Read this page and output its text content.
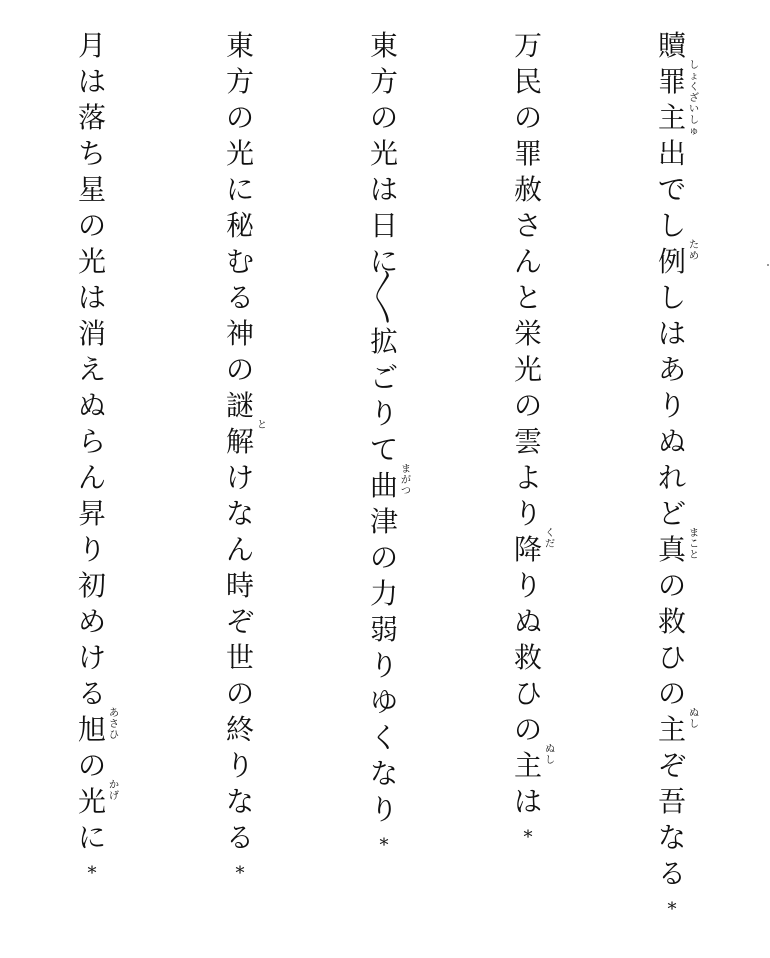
贖
罪 しょくざいしゅ
主
出
で
し
例 ため
し
は
あ
り
ぬ
れ
ど
真 まこと
の
救
ひ
の
主 ぬし
ぞ
吾
な
る
*
万
民
の
罪
赦
さ
ん
と
栄
光
の
雲
よ
り
降 くだ
り
ぬ
救
ひ
の
主 ぬし
は
*
東
方
の
光
は
日
に
〱
拡
ご
り
て
曲 まがつ
津
の
力
弱
り
ゆ
く
な
り
*
東
方
の
光
に
秘
む
る
神
の
謎
解 と
け
な
ん
時
ぞ
世
の
終
り
な
る
*
月
は
落
ち
星
の
光
は
消
え
ぬ
ら
ん
昇
り
初
め
け
る
旭 あさひ
の
光 かげ
に
*
